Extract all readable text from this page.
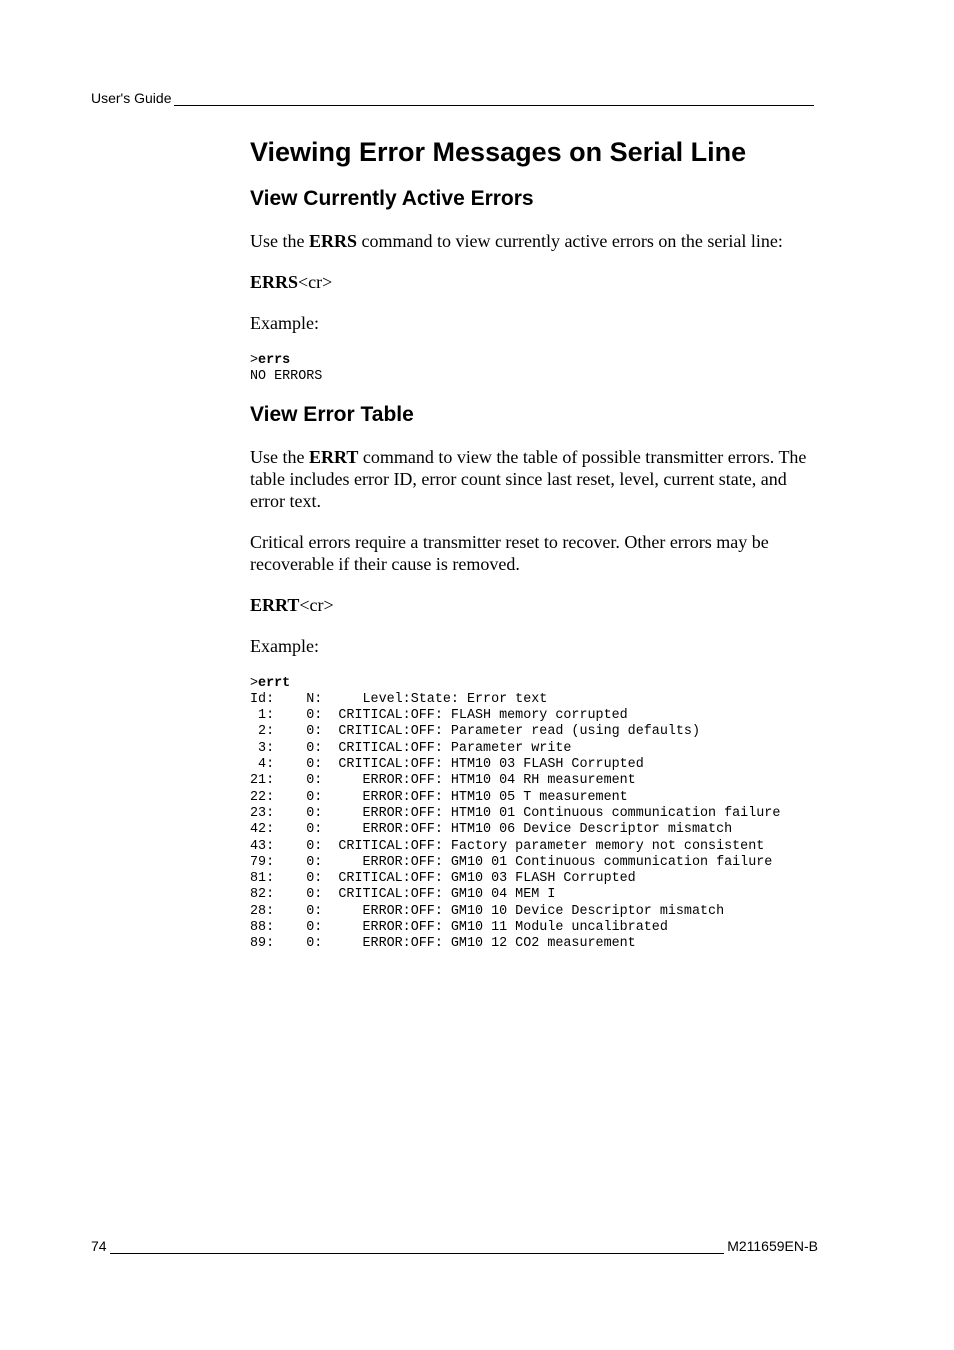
User's Guide
Viewing Error Messages on Serial Line
View Currently Active Errors

Use the ERRS command to view currently active errors on the serial line:

ERRS<cr>

Example:

>errs
NO ERRORS
View Error Table

Use the ERRT command to view the table of possible transmitter errors. The table includes error ID, error count since last reset, level, current state, and error text.

Critical errors require a transmitter reset to recover. Other errors may be recoverable if their cause is removed.

ERRT<cr>

Example:

>errt
Id:    N:     Level:State: Error text
1:    0:  CRITICAL:OFF: FLASH memory corrupted
2:    0:  CRITICAL:OFF: Parameter read (using defaults)
3:    0:  CRITICAL:OFF: Parameter write
4:    0:  CRITICAL:OFF: HTM10 03 FLASH Corrupted
21:    0:     ERROR:OFF: HTM10 04 RH measurement
22:    0:     ERROR:OFF: HTM10 05 T measurement
23:    0:     ERROR:OFF: HTM10 01 Continuous communication failure
42:    0:     ERROR:OFF: HTM10 06 Device Descriptor mismatch
43:    0:  CRITICAL:OFF: Factory parameter memory not consistent
79:    0:     ERROR:OFF: GM10 01 Continuous communication failure
81:    0:  CRITICAL:OFF: GM10 03 FLASH Corrupted
82:    0:  CRITICAL:OFF: GM10 04 MEM I
28:    0:     ERROR:OFF: GM10 10 Device Descriptor mismatch
88:    0:     ERROR:OFF: GM10 11 Module uncalibrated
89:    0:     ERROR:OFF: GM10 12 CO2 measurement
74	M211659EN-B
